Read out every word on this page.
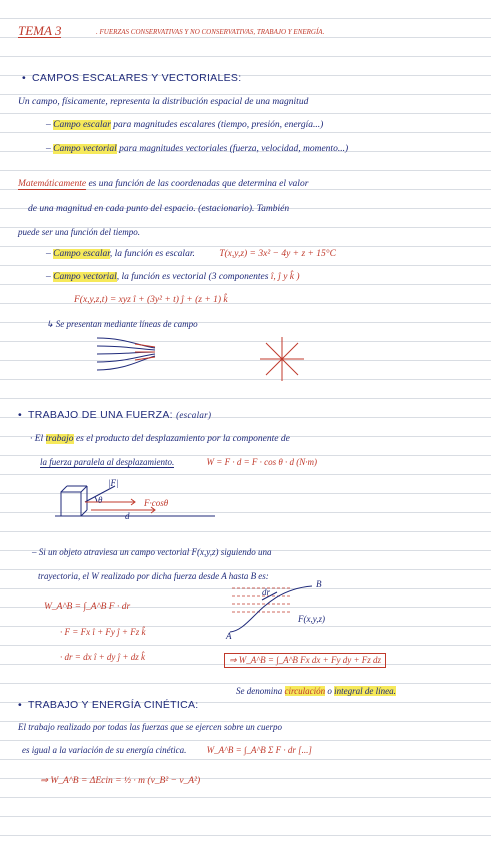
TEMA 3	. FUERZAS CONSERVATIVAS Y NO CONSERVATIVAS, TRABAJO Y ENERGÍA.
• CAMPOS ESCALARES Y VECTORIALES:
Un campo, físicamente, representa la distribución espacial de una magnitud
– Campo escalar para magnitudes escalares (tiempo, presión, energía...)
– Campo vectorial para magnitudes vectoriales (fuerza, velocidad, momento...)
Matemáticamente es una función de las coordenadas que determina el valor
de una magnitud en cada punto del espacio. (estacionario). También
puede ser una función del tiempo.
– Campo escalar, la función es escalar.	T(x,y,z) = 3x² − 4y + z + 15°C
– Campo vectorial, la función es vectorial (3 componentes î, ĵ y k̂ )
F(x,y,z,t) = xyz î + (3y² + t) ĵ + (z + 1) k̂
↳ Se presentan mediante líneas de campo
• TRABAJO DE UNA FUERZA: (escalar)
· El trabajo es el producto del desplazamiento por la componente de
la fuerza paralela al desplazamiento.	W = F · d = F · cos θ · d (N·m)
|F|
θ
d
F·cosθ
– Si un objeto atraviesa un campo vectorial F(x,y,z) siguiendo una
trayectoria, el W realizado por dicha fuerza desde A hasta B es:
W_A^B = ∫_A^B F · dr
· F = Fx î + Fy ĵ + Fz k̂
· dr = dx î + dy ĵ + dz k̂	⇒ W_A^B = ∫_A^B Fx dx + Fy dy + Fz dz
B
A
dr
F(x,y,z)
Se denomina circulación o integral de línea.
• TRABAJO Y ENERGÍA CINÉTICA:
El trabajo realizado por todas las fuerzas que se ejercen sobre un cuerpo
es igual a la variación de su energía cinética. W_A^B = ∫_A^B Σ F · dr [...]
⇒ W_A^B = ΔEcin = ½ · m (v_B² − v_A²)
